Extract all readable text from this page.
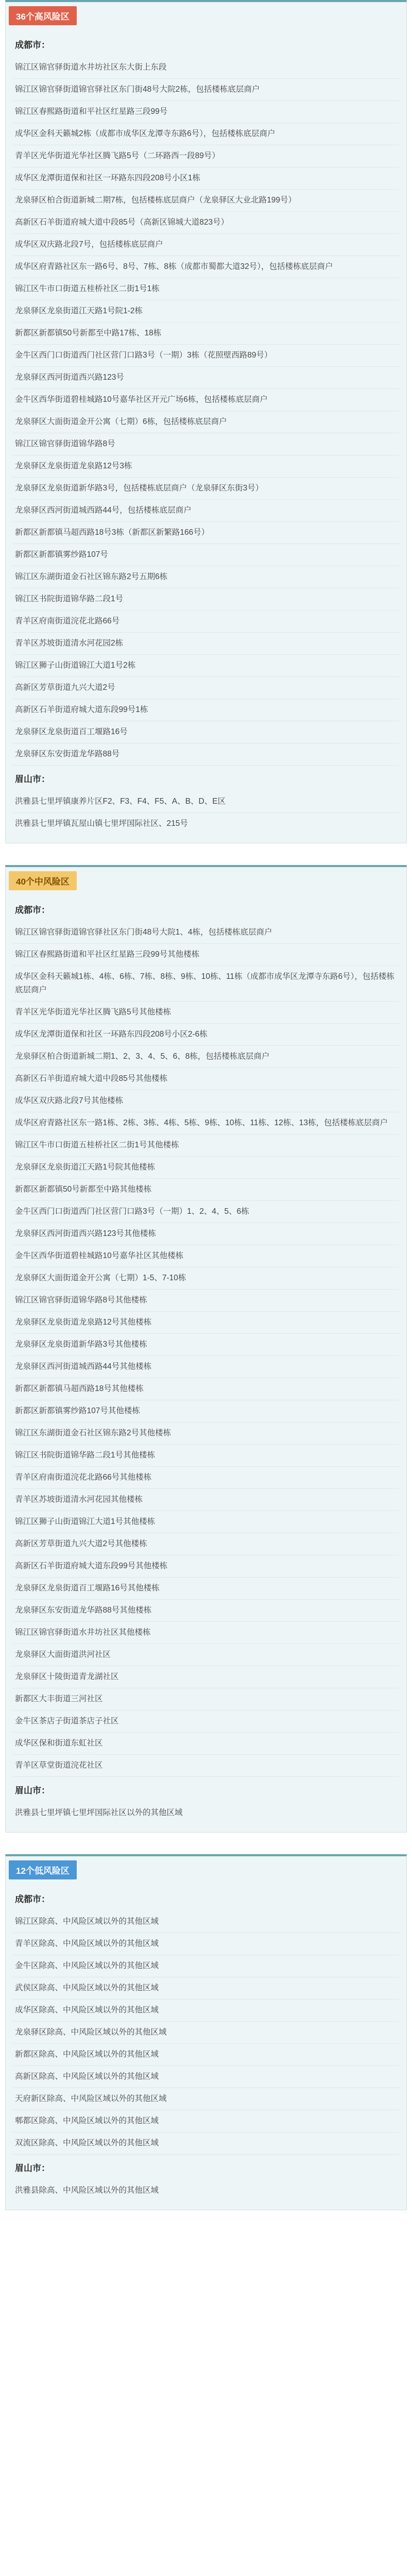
36个高风险区
成都市：
锦江区锦官驿街道水井坊社区东大街上东段
锦江区锦官驿街道锦官驿社区东门街48号大院2栋，包括楼栋底层商户
锦江区春熙路街道和平社区红星路三段99号
成华区金科天籁城2栋（成都市成华区龙潭寺东路6号），包括楼栋底层商户
青羊区光华街道光华社区腾飞路5号（二环路西一段89号）
成华区龙潭街道保和社区一环路东四段208号小区1栋
龙泉驿区柏合街道新城二期7栋，包括楼栋底层商户（龙泉驿区大业北路199号）
高新区石羊街道府城大道中段85号（高新区锦城大道823号）
成华区双庆路北段7号，包括楼栋底层商户
成华区府青路社区东一路6号、8号、7栋、8栋（成都市蜀都大道32号），包括楼栋底层商户
锦江区牛市口街道五桂桥社区二街1号1栋
龙泉驿区龙泉街道江天路1号院1-2栋
新都区新都镇50号新都至中路17栋、18栋
金牛区西门口街道西门社区营门口路3号（一期）3栋（花照壁西路89号）
龙泉驿区西河街道西兴路123号
金牛区西华街道碧桂城路10号嘉华社区开元广场6栋，包括楼栋底层商户
龙泉驿区大面街道金开公寓（七期）6栋，包括楼栋底层商户
锦江区锦官驿街道锦华路8号
龙泉驿区龙泉街道龙泉路12号3栋
龙泉驿区龙泉街道新华路3号，包括楼栋底层商户（龙泉驿区东街3号）
龙泉驿区西河街道城西路44号，包括楼栋底层商户
新都区新都镇马超西路18号3栋（新都区新繁路166号）
新都区新都镇雾纱路107号
锦江区东湖街道金石社区锦东路2号五期6栋
锦江区书院街道锦华路二段1号
青羊区府南街道浣花北路66号
青羊区苏坡街道清水河花园2栋
锦江区狮子山街道锦江大道1号2栋
高新区芳草街道九兴大道2号
高新区石羊街道府城大道东段99号1栋
龙泉驿区龙泉街道百工堰路16号
龙泉驿区东安街道龙华路88号
眉山市：
洪雅县七里坪镇康养片区F2、F3、F4、F5、A、B、D、E区
洪雅县七里坪镇瓦屋山镇七里坪国际社区、215号
40个中风险区
成都市：
锦江区锦官驿街道锦官驿社区东门街48号大院1、4栋，包括楼栋底层商户
锦江区春熙路街道和平社区红星路三段99号其他楼栋
成华区金科天籁城1栋、4栋、6栋、7栋、8栋、9栋、10栋、11栋（成都市成华区龙潭寺东路6号），包括楼栋底层商户
青羊区光华街道光华社区腾飞路5号其他楼栋
成华区龙潭街道保和社区一环路东四段208号小区2-6栋
龙泉驿区柏合街道新城二期1、2、3、4、5、6、8栋，包括楼栋底层商户
高新区石羊街道府城大道中段85号其他楼栋
成华区双庆路北段7号其他楼栋
成华区府青路社区东一路1栋、2栋、3栋、4栋、5栋、9栋、10栋、11栋、12栋、13栋，包括楼栋底层商户
锦江区牛市口街道五桂桥社区二街1号其他楼栋
龙泉驿区龙泉街道江天路1号院其他楼栋
新都区新都镇50号新都至中路其他楼栋
金牛区西门口街道西门社区营门口路3号（一期）1、2、4、5、6栋
龙泉驿区西河街道西兴路123号其他楼栋
金牛区西华街道碧桂城路10号嘉华社区其他楼栋
龙泉驿区大面街道金开公寓（七期）1-5、7-10栋
锦江区锦官驿街道锦华路8号其他楼栋
龙泉驿区龙泉街道龙泉路12号其他楼栋
龙泉驿区龙泉街道新华路3号其他楼栋
龙泉驿区西河街道城西路44号其他楼栋
新都区新都镇马超西路18号其他楼栋
新都区新都镇雾纱路107号其他楼栋
锦江区东湖街道金石社区锦东路2号其他楼栋
锦江区书院街道锦华路二段1号其他楼栋
青羊区府南街道浣花北路66号其他楼栋
青羊区苏坡街道清水河花园其他楼栋
锦江区狮子山街道锦江大道1号其他楼栋
高新区芳草街道九兴大道2号其他楼栋
高新区石羊街道府城大道东段99号其他楼栋
龙泉驿区龙泉街道百工堰路16号其他楼栋
龙泉驿区东安街道龙华路88号其他楼栋
锦江区锦官驿街道水井坊社区其他楼栋
龙泉驿区大面街道洪河社区
龙泉驿区十陵街道青龙湖社区
新都区大丰街道三河社区
金牛区茶店子街道茶店子社区
成华区保和街道东虹社区
青羊区草堂街道浣花社区
眉山市：
洪雅县七里坪镇七里坪国际社区以外的其他区域
12个低风险区
成都市：
锦江区除高、中风险区域以外的其他区域
青羊区除高、中风险区域以外的其他区域
金牛区除高、中风险区域以外的其他区域
武侯区除高、中风险区域以外的其他区域
成华区除高、中风险区域以外的其他区域
龙泉驿区除高、中风险区域以外的其他区域
新都区除高、中风险区域以外的其他区域
高新区除高、中风险区域以外的其他区域
天府新区除高、中风险区域以外的其他区域
郫都区除高、中风险区域以外的其他区域
双流区除高、中风险区域以外的其他区域
眉山市：
洪雅县除高、中风险区域以外的其他区域
